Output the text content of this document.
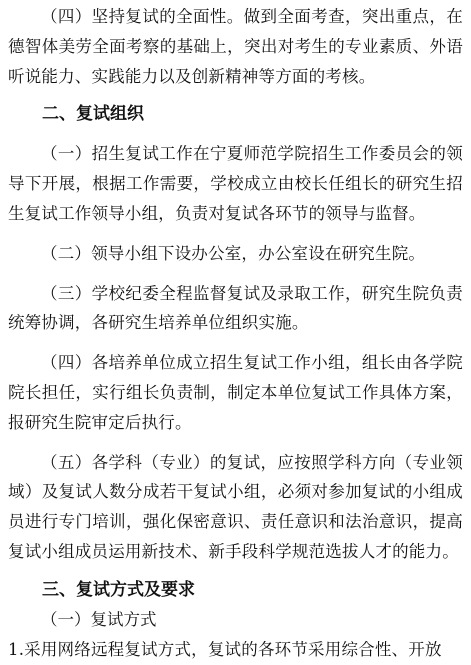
（四）坚持复试的全面性。做到全面考查，突出重点，在德智体美劳全面考察的基础上，突出对考生的专业素质、外语听说能力、实践能力以及创新精神等方面的考核。

二、复试组织

（一）招生复试工作在宁夏师范学院招生工作委员会的领导下开展，根据工作需要，学校成立由校长任组长的研究生招生复试工作领导小组，负责对复试各环节的领导与监督。

（二）领导小组下设办公室，办公室设在研究生院。

（三）学校纪委全程监督复试及录取工作，研究生院负责统筹协调，各研究生培养单位组织实施。

（四）各培养单位成立招生复试工作小组，组长由各学院院长担任，实行组长负责制，制定本单位复试工作具体方案，报研究生院审定后执行。

（五）各学科（专业）的复试，应按照学科方向（专业领域）及复试人数分成若干复试小组，必须对参加复试的小组成员进行专门培训，强化保密意识、责任意识和法治意识，提高复试小组成员运用新技术、新手段科学规范选拔人才的能力。

三、复试方式及要求

（一）复试方式

1.采用网络远程复试方式，复试的各环节采用综合性、开放
